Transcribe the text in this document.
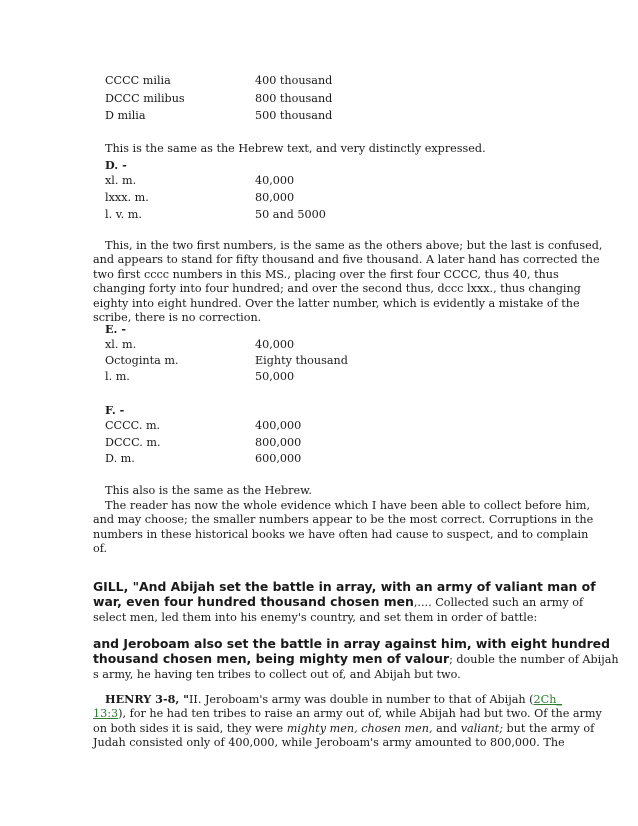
CCCC milia	400 thousand
DCCC milibus	800 thousand
D milia	500 thousand
This is the same as the Hebrew text, and very distinctly expressed.
D. -
xl. m.	40,000
lxxx. m.	80,000
l. v. m.	50 and 5000

This, in the two first numbers, is the same as the others above; but the last is confused,

and appears to stand for fifty thousand and five thousand. A later hand has corrected the

two first cccc numbers in this MS., placing over the first four CCCC, thus 40, thus

changing forty into four hundred; and over the second thus, dccc lxxx., thus changing

eighty into eight hundred. Over the latter number, which is evidently a mistake of the

scribe, there is no correction.

E. -
xl. m.	40,000
Octoginta m.	Eighty thousand
l. m.	50,000
F. -
CCCC. m.	400,000
DCCC. m.	800,000
D. m.	600,000
This also is the same as the Hebrew.

The reader has now the whole evidence which I have been able to collect before him,

and may choose; the smaller numbers appear to be the most correct. Corruptions in the

numbers in these historical books we have often had cause to suspect, and to complain

of.

GILL, "And Abijah set the battle in array, with an army of valiant man of

war, even four hundred thousand chosen men,.... Collected such an army of

select men, led them into his enemy's country, and set them in order of battle:

and Jeroboam also set the battle in array against him, with eight hundred

thousand chosen men, being mighty men of valour; double the number of Abijah

s army, he having ten tribes to collect out of, and Abijah but two.

HENRY 3-8, "II. Jeroboam's army was double in number to that of Abijah (2Ch_

13:3), for he had ten tribes to raise an army out of, while Abijah had but two. Of the army

on both sides it is said, they were mighty men, chosen men, and valiant; but the army of

Judah consisted only of 400,000, while Jeroboam's army amounted to 800,000. The
